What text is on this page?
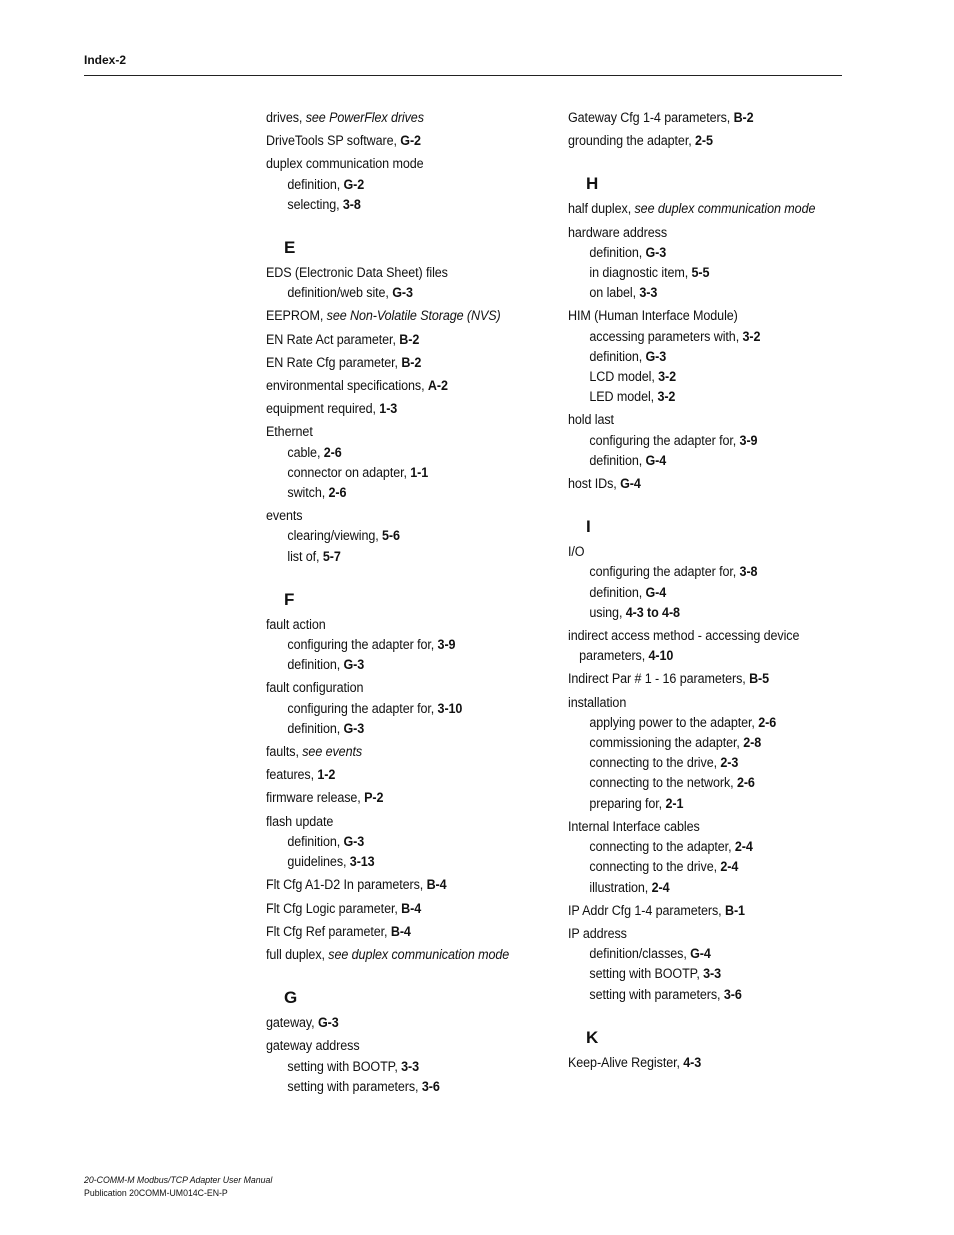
Index-2
drives, see PowerFlex drives
DriveTools SP software, G-2
duplex communication mode
definition, G-2
selecting, 3-8
E
EDS (Electronic Data Sheet) files
definition/web site, G-3
EEPROM, see Non-Volatile Storage (NVS)
EN Rate Act parameter, B-2
EN Rate Cfg parameter, B-2
environmental specifications, A-2
equipment required, 1-3
Ethernet
cable, 2-6
connector on adapter, 1-1
switch, 2-6
events
clearing/viewing, 5-6
list of, 5-7
F
fault action
configuring the adapter for, 3-9
definition, G-3
fault configuration
configuring the adapter for, 3-10
definition, G-3
faults, see events
features, 1-2
firmware release, P-2
flash update
definition, G-3
guidelines, 3-13
Flt Cfg A1-D2 In parameters, B-4
Flt Cfg Logic parameter, B-4
Flt Cfg Ref parameter, B-4
full duplex, see duplex communication mode
G
gateway, G-3
gateway address
setting with BOOTP, 3-3
setting with parameters, 3-6
Gateway Cfg 1-4 parameters, B-2
grounding the adapter, 2-5
H
half duplex, see duplex communication mode
hardware address
definition, G-3
in diagnostic item, 5-5
on label, 3-3
HIM (Human Interface Module)
accessing parameters with, 3-2
definition, G-3
LCD model, 3-2
LED model, 3-2
hold last
configuring the adapter for, 3-9
definition, G-4
host IDs, G-4
I
I/O
configuring the adapter for, 3-8
definition, G-4
using, 4-3 to 4-8
indirect access method - accessing device
parameters, 4-10
Indirect Par # 1 - 16 parameters, B-5
installation
applying power to the adapter, 2-6
commissioning the adapter, 2-8
connecting to the drive, 2-3
connecting to the network, 2-6
preparing for, 2-1
Internal Interface cables
connecting to the adapter, 2-4
connecting to the drive, 2-4
illustration, 2-4
IP Addr Cfg 1-4 parameters, B-1
IP address
definition/classes, G-4
setting with BOOTP, 3-3
setting with parameters, 3-6
K
Keep-Alive Register, 4-3
20-COMM-M Modbus/TCP Adapter User Manual
Publication 20COMM-UM014C-EN-P
